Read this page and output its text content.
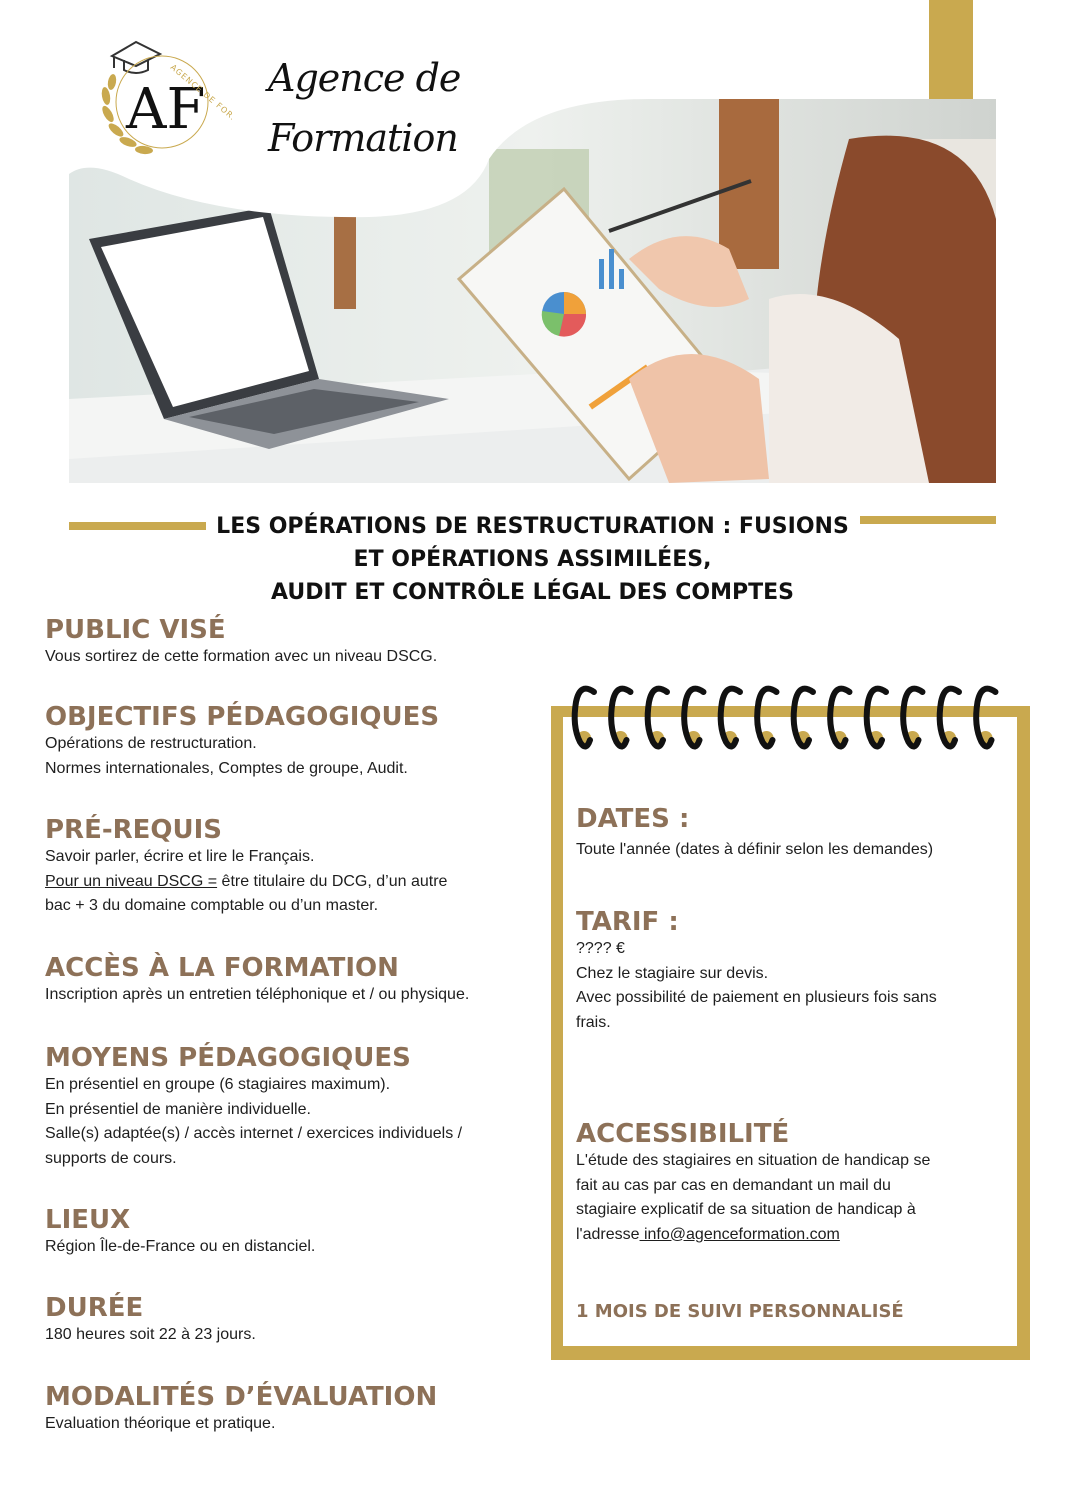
AF
AGENCE DE FORMATION
Agence de
Formation
LES OPÉRATIONS DE RESTRUCTURATION : FUSIONS
ET OPÉRATIONS ASSIMILÉES,
AUDIT ET CONTRÔLE LÉGAL DES COMPTES
PUBLIC VISÉ
Vous sortirez de cette formation avec un niveau DSCG.
OBJECTIFS PÉDAGOGIQUES
Opérations de restructuration.
Normes internationales, Comptes de groupe, Audit.
PRÉ-REQUIS
Savoir parler, écrire et lire le Français.
Pour un niveau DSCG = être titulaire du DCG, d’un autre
bac + 3 du domaine comptable ou d’un master.
ACCÈS À LA FORMATION
Inscription après un entretien téléphonique et / ou physique.
MOYENS PÉDAGOGIQUES
En présentiel en groupe (6 stagiaires maximum).
En présentiel de manière individuelle.
Salle(s) adaptée(s) / accès internet / exercices individuels /
supports de cours.
LIEUX
Région Île-de-France ou en distanciel.
DURÉE
180 heures soit 22 à 23 jours.
MODALITÉS D’ÉVALUATION
Evaluation théorique et pratique.
DATES :
Toute l'année (dates à définir selon les demandes)
TARIF :
???? €
Chez le stagiaire sur devis.
Avec possibilité de paiement en plusieurs fois sans
frais.
ACCESSIBILITÉ
L'étude des stagiaires en situation de handicap se
fait au cas par cas en demandant un mail du
stagiaire explicatif de sa situation de handicap à
l'adresse info@agenceformation.com
1 MOIS DE SUIVI PERSONNALISÉ
